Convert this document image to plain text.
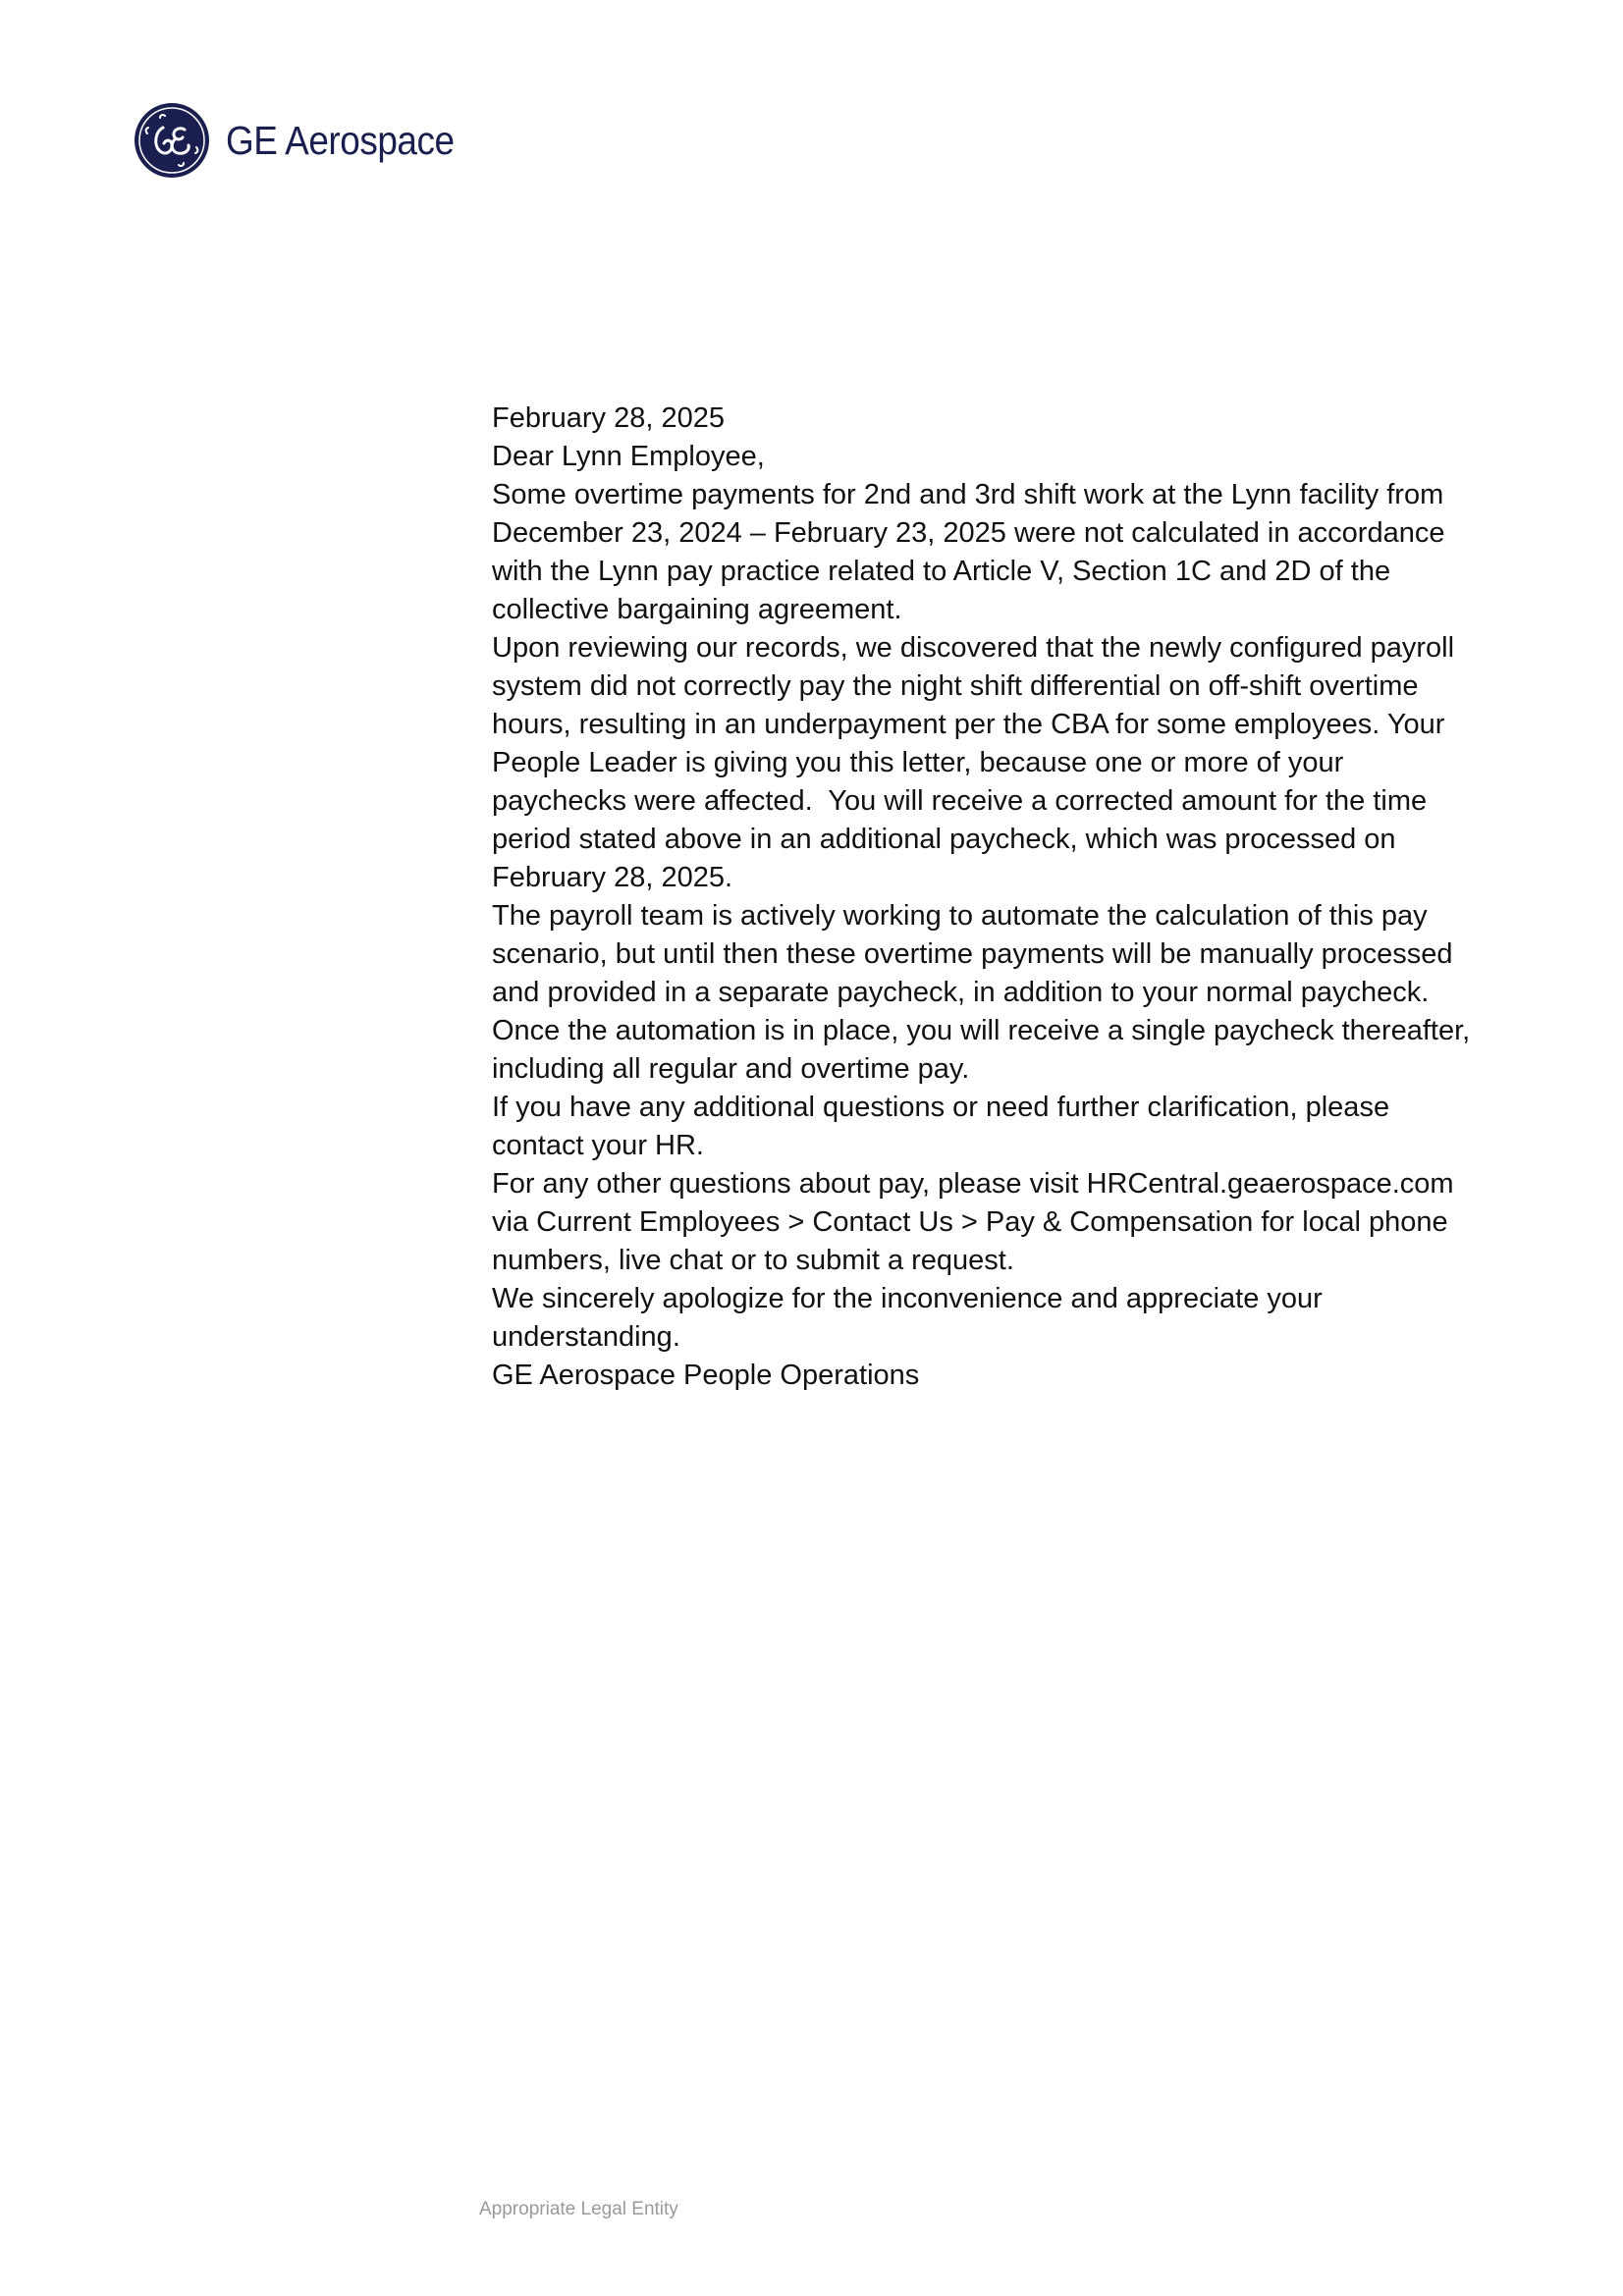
GE Aerospace

February 28, 2025

Dear Lynn Employee,

Some overtime payments for 2nd and 3rd shift work at the Lynn facility from
December 23, 2024 – February 23, 2025 were not calculated in accordance
with the Lynn pay practice related to Article V, Section 1C and 2D of the
collective bargaining agreement.

Upon reviewing our records, we discovered that the newly configured payroll
system did not correctly pay the night shift differential on off-shift overtime
hours, resulting in an underpayment per the CBA for some employees. Your
People Leader is giving you this letter, because one or more of your
paychecks were affected.  You will receive a corrected amount for the time
period stated above in an additional paycheck, which was processed on
February 28, 2025.

The payroll team is actively working to automate the calculation of this pay
scenario, but until then these overtime payments will be manually processed
and provided in a separate paycheck, in addition to your normal paycheck.
Once the automation is in place, you will receive a single paycheck thereafter,
including all regular and overtime pay.

If you have any additional questions or need further clarification, please
contact your HR.

For any other questions about pay, please visit HRCentral.geaerospace.com
via Current Employees > Contact Us > Pay & Compensation for local phone
numbers, live chat or to submit a request.

We sincerely apologize for the inconvenience and appreciate your
understanding.

GE Aerospace People Operations

Appropriate Legal Entity
